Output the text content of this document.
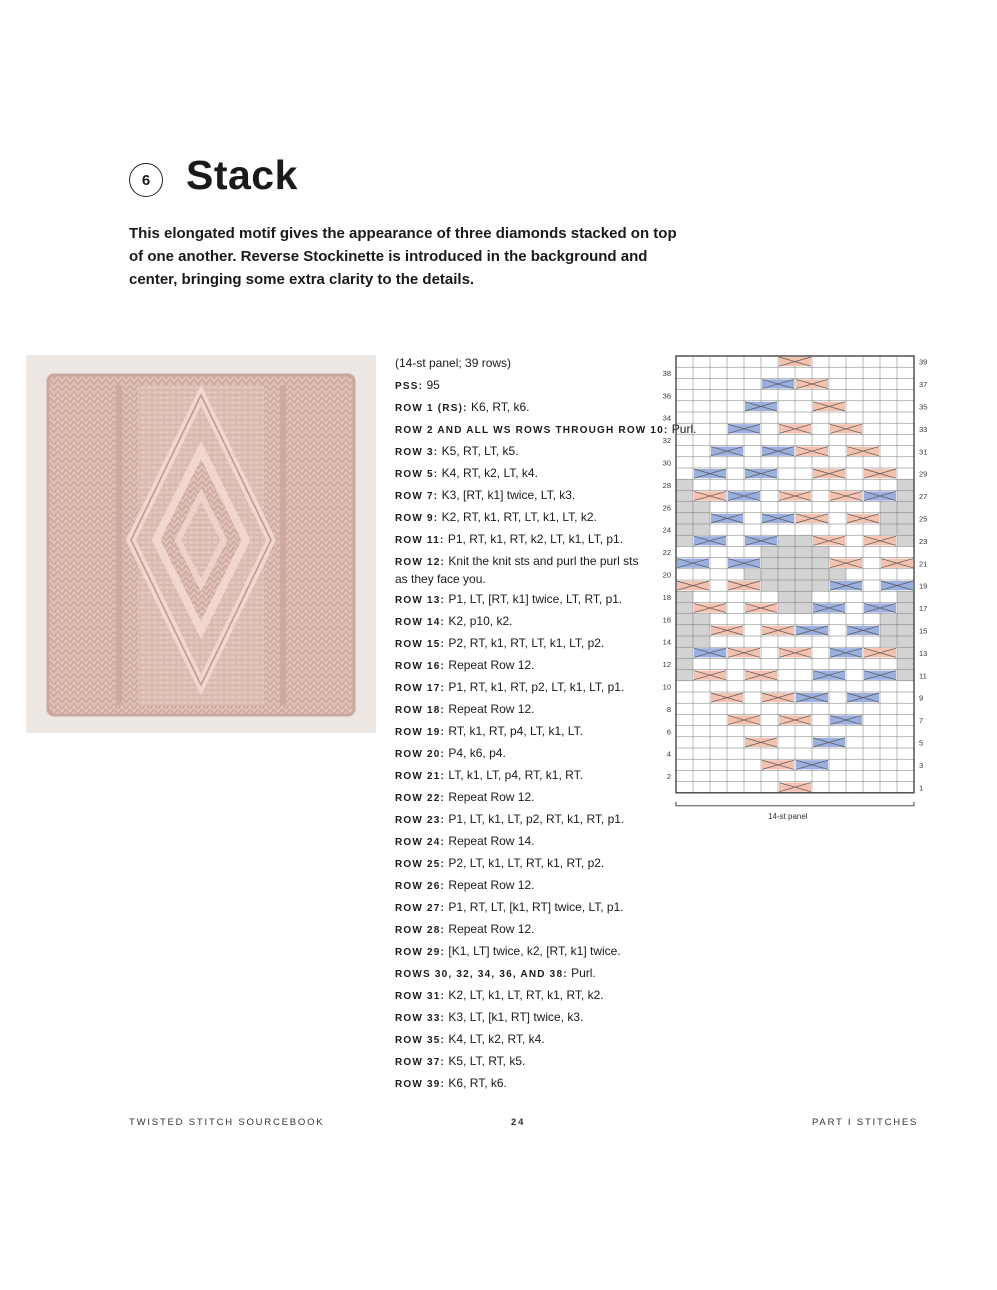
6 Stack
This elongated motif gives the appearance of three diamonds stacked on top of one another. Reverse Stockinette is introduced in the background and center, bringing some extra clarity to the details.
(14-st panel; 39 rows)
PSS: 95
ROW 1 (RS): K6, RT, k6.
ROW 2 AND ALL WS ROWS THROUGH ROW 10: Purl.
ROW 3: K5, RT, LT, k5.
ROW 5: K4, RT, k2, LT, k4.
ROW 7: K3, [RT, k1] twice, LT, k3.
ROW 9: K2, RT, k1, RT, LT, k1, LT, k2.
ROW 11: P1, RT, k1, RT, k2, LT, k1, LT, p1.
ROW 12: Knit the knit sts and purl the purl sts as they face you.
ROW 13: P1, LT, [RT, k1] twice, LT, RT, p1.
ROW 14: K2, p10, k2.
ROW 15: P2, RT, k1, RT, LT, k1, LT, p2.
ROW 16: Repeat Row 12.
ROW 17: P1, RT, k1, RT, p2, LT, k1, LT, p1.
ROW 18: Repeat Row 12.
ROW 19: RT, k1, RT, p4, LT, k1, LT.
ROW 20: P4, k6, p4.
ROW 21: LT, k1, LT, p4, RT, k1, RT.
ROW 22: Repeat Row 12.
ROW 23: P1, LT, k1, LT, p2, RT, k1, RT, p1.
ROW 24: Repeat Row 14.
ROW 25: P2, LT, k1, LT, RT, k1, RT, p2.
ROW 26: Repeat Row 12.
ROW 27: P1, RT, LT, [k1, RT] twice, LT, p1.
ROW 28: Repeat Row 12.
ROW 29: [K1, LT] twice, k2, [RT, k1] twice.
ROWS 30, 32, 34, 36, AND 38: Purl.
ROW 31: K2, LT, k1, LT, RT, k1, RT, k2.
ROW 33: K3, LT, [k1, RT] twice, k3.
ROW 35: K4, LT, k2, RT, k4.
ROW 37: K5, LT, RT, k5.
ROW 39: K6, RT, k6.
1
2
3
4
5
6
7
8
9
10
11
12
13
14
15
16
17
18
19
20
21
22
23
24
25
26
27
28
29
30
31
32
33
34
35
36
37
38
39
14-st panel
TWISTED STITCH SOURCEBOOK	24	PART I STITCHES
